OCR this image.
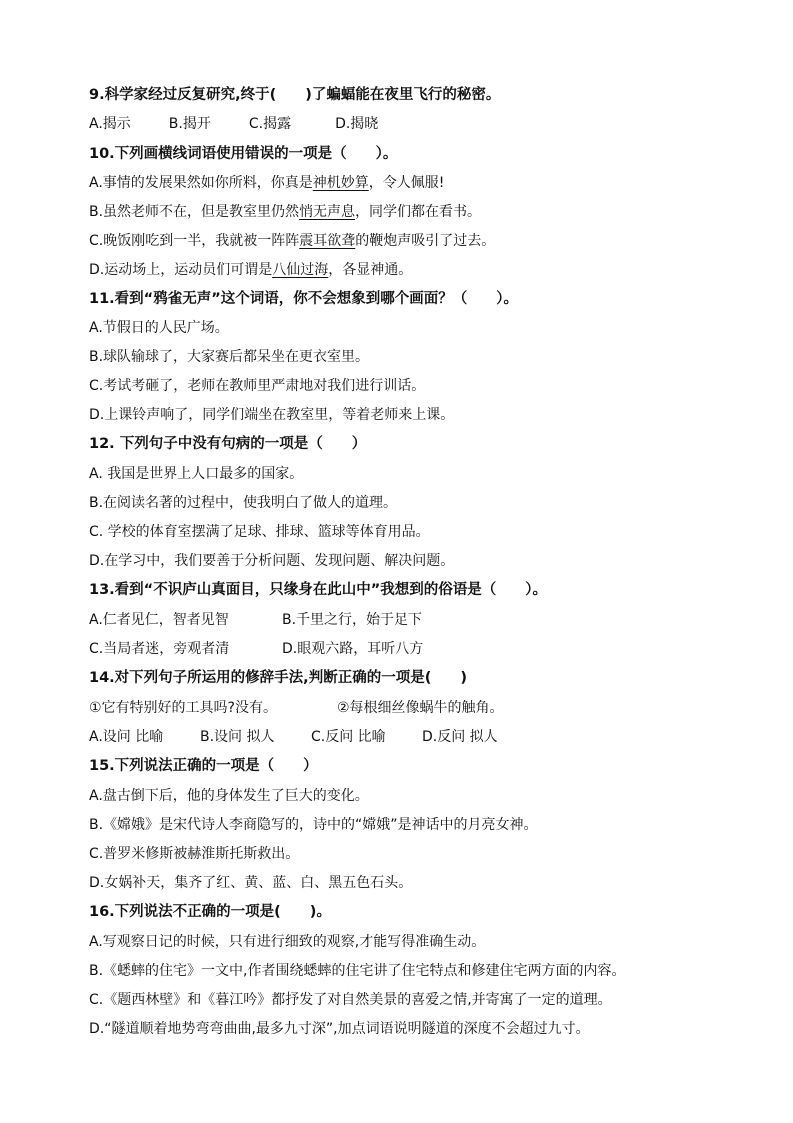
9.科学家经过反复研究,终于(　　)了蝙蝠能在夜里飞行的秘密。
A.揭示	B.揭开	C.揭露	D.揭晓
10.下列画横线词语使用错误的一项是（　　）。
A.事情的发展果然如你所料，你真是神机妙算，令人佩服!
B.虽然老师不在，但是教室里仍然悄无声息，同学们都在看书。
C.晚饭刚吃到一半，我就被一阵阵震耳欲聋的鞭炮声吸引了过去。
D.运动场上，运动员们可谓是八仙过海，各显神通。
11.看到“鸦雀无声”这个词语，你不会想象到哪个画面？（　　）。
A.节假日的人民广场。
B.球队输球了，大家赛后都呆坐在更衣室里。
C.考试考砸了，老师在教师里严肃地对我们进行训话。
D.上课铃声响了，同学们端坐在教室里，等着老师来上课。
12. 下列句子中没有句病的一项是（　　）
A. 我国是世界上人口最多的国家。
B.在阅读名著的过程中，使我明白了做人的道理。
C. 学校的体育室摆满了足球、排球、篮球等体育用品。
D.在学习中，我们要善于分析问题、发现问题、解决问题。
13.看到“不识庐山真面目，只缘身在此山中”我想到的俗语是（　　）。
A.仁者见仁，智者见智	B.千里之行，始于足下
C.当局者迷，旁观者清	D.眼观六路，耳听八方
14.对下列句子所运用的修辞手法,判断正确的一项是(　　)
①它有特别好的工具吗?没有。	②每根细丝像蜗牛的触角。
A.设问 比喻	B.设问 拟人	C.反问 比喻	D.反问 拟人
15.下列说法正确的一项是（　　）
A.盘古倒下后，他的身体发生了巨大的变化。
B.《嫦娥》是宋代诗人李商隐写的，诗中的“嫦娥”是神话中的月亮女神。
C.普罗米修斯被赫淮斯托斯救出。
D.女娲补天，集齐了红、黄、蓝、白、黑五色石头。
16.下列说法不正确的一项是(　　)。
A.写观察日记的时候，只有进行细致的观察,才能写得准确生动。
B.《蟋蟀的住宅》一文中,作者围绕蟋蟀的住宅讲了住宅特点和修建住宅两方面的内容。
C.《题西林壁》和《暮江吟》都抒发了对自然美景的喜爱之情,并寄寓了一定的道理。
D.“隧道顺着地势弯弯曲曲,最多九寸深”,加点词语说明隧道的深度不会超过九寸。
